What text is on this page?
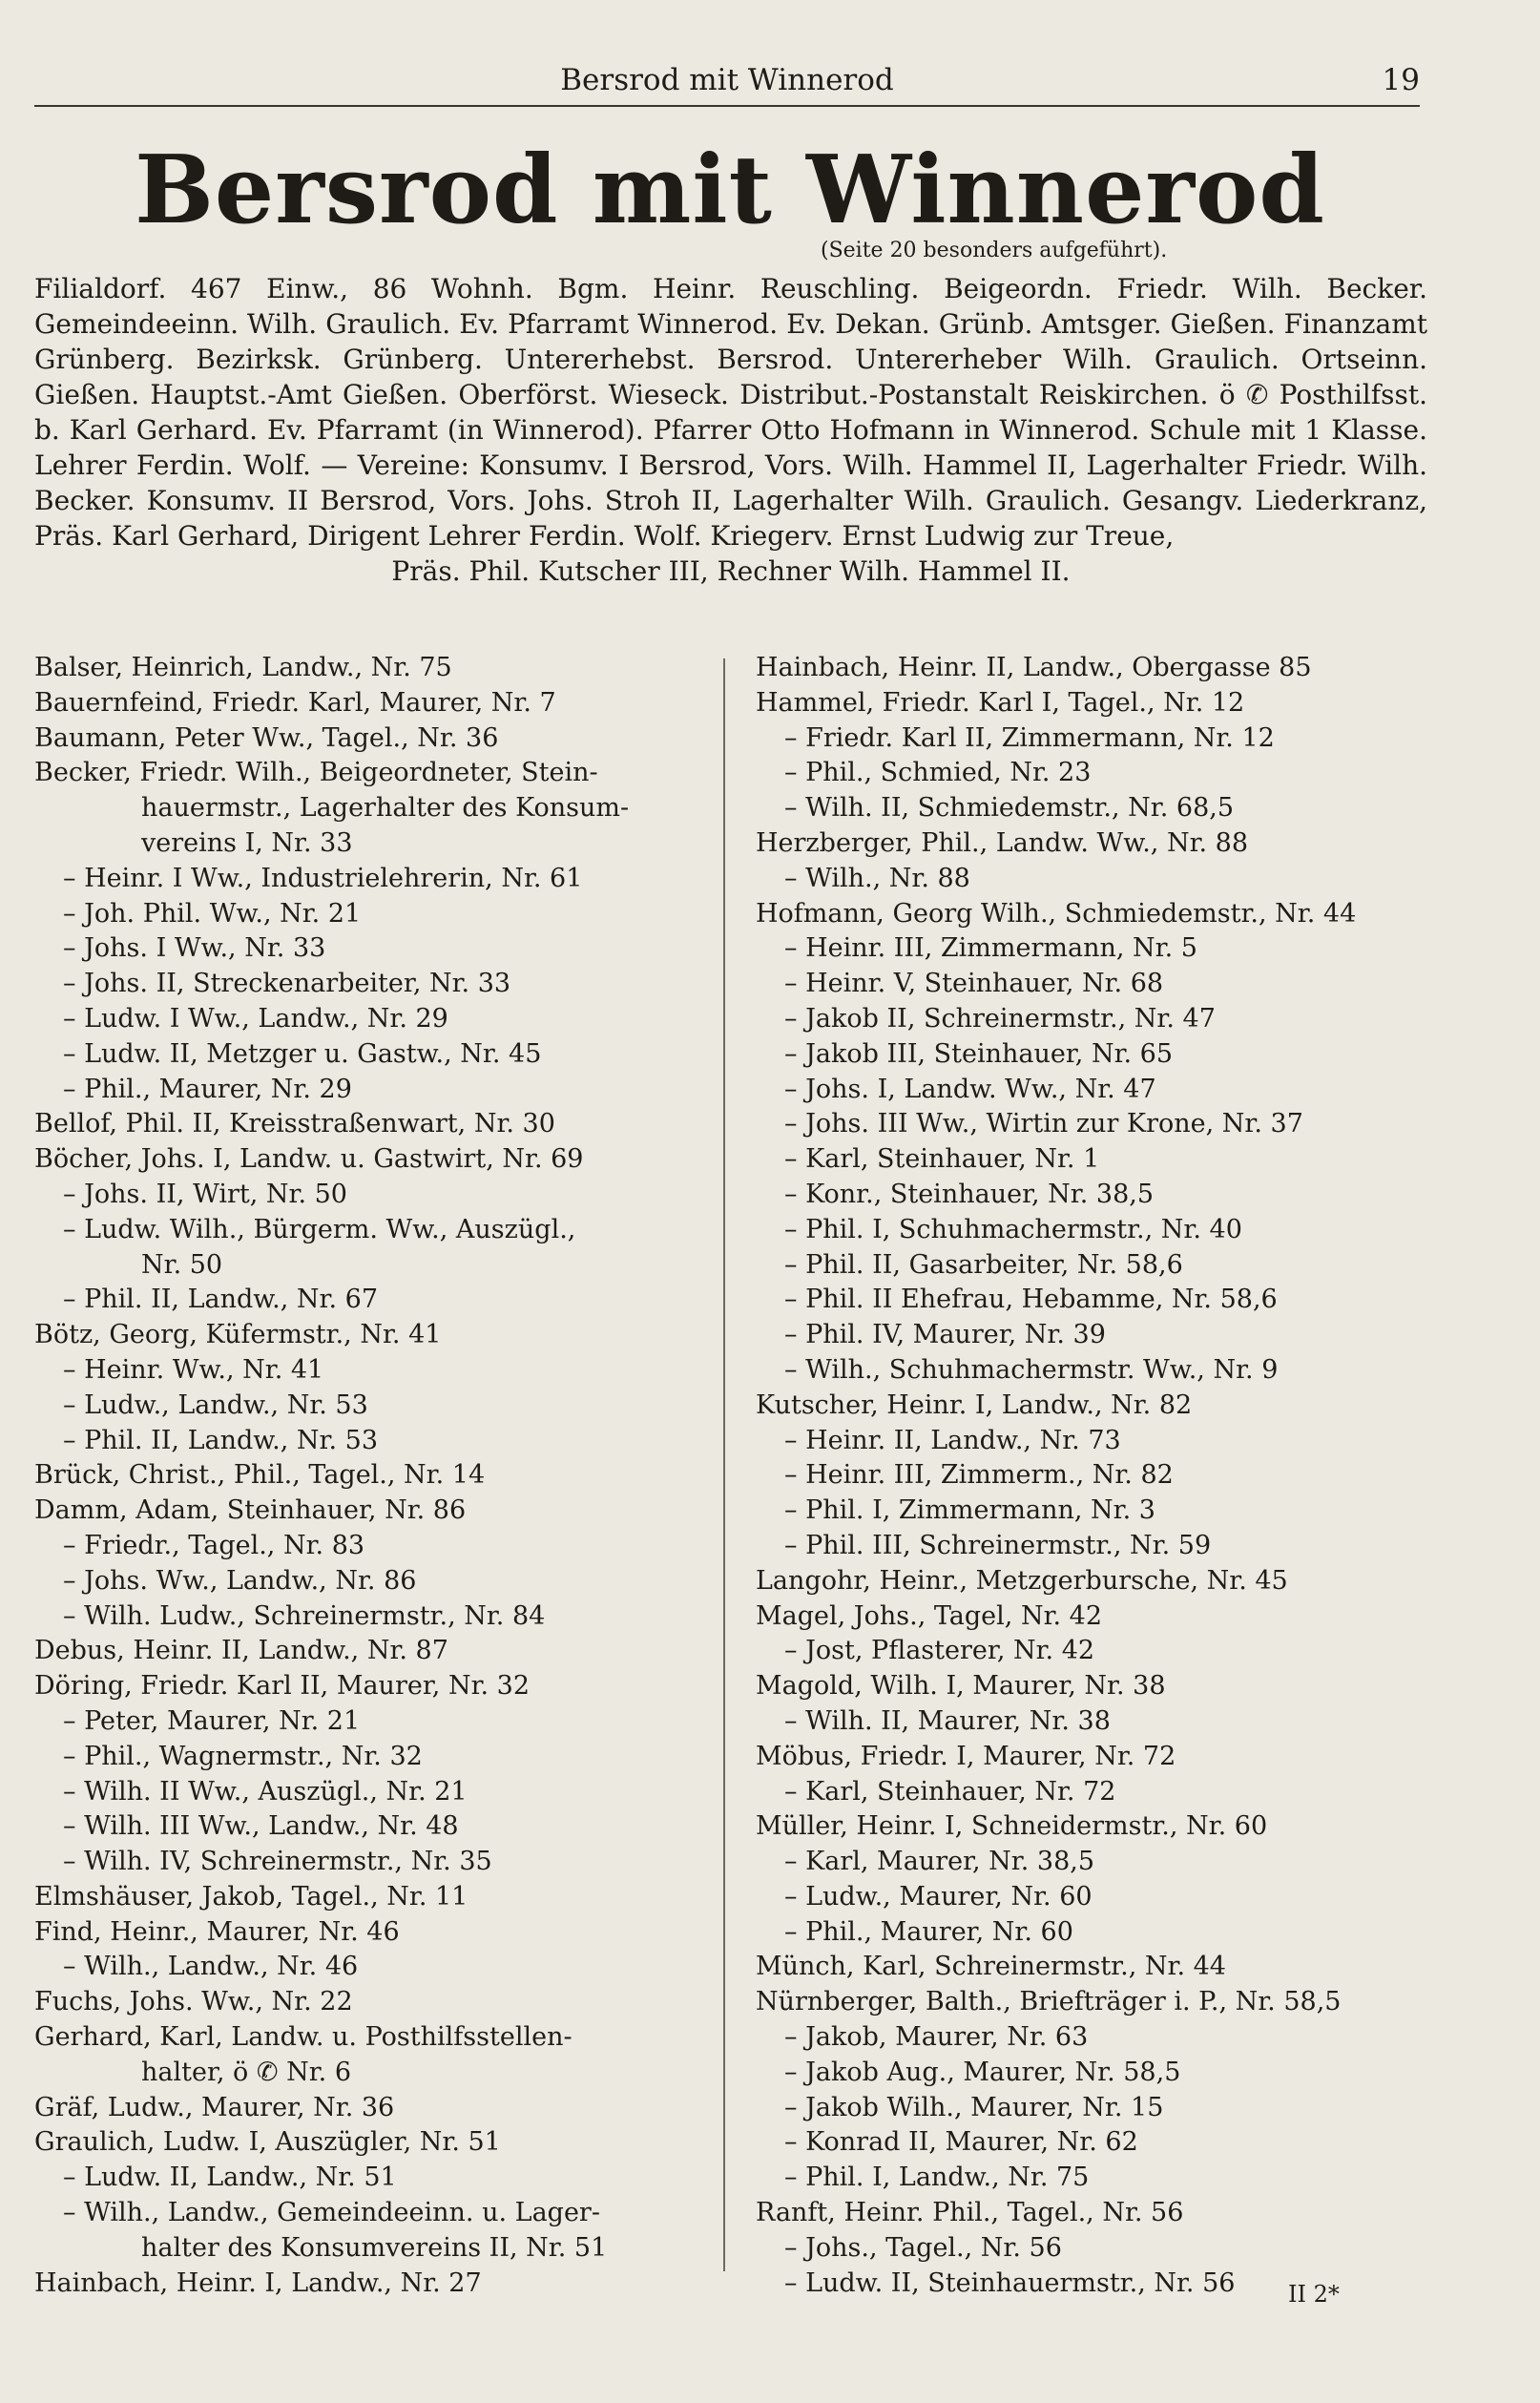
Bersrod mit Winnerod	19
Bersrod mit Winnerod
(Seite 20 besonders aufgeführt).

Filialdorf. 467 Einw., 86 Wohnh. Bgm. Heinr. Reuschling. Beigeordn. Friedr. Wilh. Becker. Gemeindeeinn. Wilh. Graulich. Ev. Pfarramt Winnerod. Ev. Dekan. Grünb. Amtsger. Gießen. Finanzamt Grünberg. Bezirksk. Grünberg. Untererhebst. Bersrod. Untererheber Wilh. Graulich. Ortseinn. Gießen. Hauptst.-Amt Gießen. Oberförst. Wieseck. Distribut.-Postanstalt Reiskirchen. ö ✆ Posthilfsst. b. Karl Gerhard. Ev. Pfarramt (in Winnerod). Pfarrer Otto Hofmann in Winnerod. Schule mit 1 Klasse. Lehrer Ferdin. Wolf. — Vereine: Konsumv. I Bersrod, Vors. Wilh. Hammel II, Lagerhalter Friedr. Wilh. Becker. Konsumv. II Bersrod, Vors. Johs. Stroh II, Lagerhalter Wilh. Graulich. Gesangv. Liederkranz, Präs. Karl Gerhard, Dirigent Lehrer Ferdin. Wolf. Kriegerv. Ernst Ludwig zur Treue,

Präs. Phil. Kutscher III, Rechner Wilh. Hammel II.

Balser, Heinrich, Landw., Nr. 75
Bauernfeind, Friedr. Karl, Maurer, Nr. 7
Baumann, Peter Ww., Tagel., Nr. 36
Becker, Friedr. Wilh., Beigeordneter, Stein-
hauermstr., Lagerhalter des Konsum-
vereins I, Nr. 33
– Heinr. I Ww., Industrielehrerin, Nr. 61
– Joh. Phil. Ww., Nr. 21
– Johs. I Ww., Nr. 33
– Johs. II, Streckenarbeiter, Nr. 33
– Ludw. I Ww., Landw., Nr. 29
– Ludw. II, Metzger u. Gastw., Nr. 45
– Phil., Maurer, Nr. 29
Bellof, Phil. II, Kreisstraßenwart, Nr. 30
Böcher, Johs. I, Landw. u. Gastwirt, Nr. 69
– Johs. II, Wirt, Nr. 50
– Ludw. Wilh., Bürgerm. Ww., Auszügl.,
Nr. 50
– Phil. II, Landw., Nr. 67
Bötz, Georg, Küfermstr., Nr. 41
– Heinr. Ww., Nr. 41
– Ludw., Landw., Nr. 53
– Phil. II, Landw., Nr. 53
Brück, Christ., Phil., Tagel., Nr. 14
Damm, Adam, Steinhauer, Nr. 86
– Friedr., Tagel., Nr. 83
– Johs. Ww., Landw., Nr. 86
– Wilh. Ludw., Schreinermstr., Nr. 84
Debus, Heinr. II, Landw., Nr. 87
Döring, Friedr. Karl II, Maurer, Nr. 32
– Peter, Maurer, Nr. 21
– Phil., Wagnermstr., Nr. 32
– Wilh. II Ww., Auszügl., Nr. 21
– Wilh. III Ww., Landw., Nr. 48
– Wilh. IV, Schreinermstr., Nr. 35
Elmshäuser, Jakob, Tagel., Nr. 11
Find, Heinr., Maurer, Nr. 46
– Wilh., Landw., Nr. 46
Fuchs, Johs. Ww., Nr. 22
Gerhard, Karl, Landw. u. Posthilfsstellen-
halter, ö ✆ Nr. 6
Gräf, Ludw., Maurer, Nr. 36
Graulich, Ludw. I, Auszügler, Nr. 51
– Ludw. II, Landw., Nr. 51
– Wilh., Landw., Gemeindeeinn. u. Lager-
halter des Konsumvereins II, Nr. 51
Hainbach, Heinr. I, Landw., Nr. 27
Hainbach, Heinr. II, Landw., Obergasse 85
Hammel, Friedr. Karl I, Tagel., Nr. 12
– Friedr. Karl II, Zimmermann, Nr. 12
– Phil., Schmied, Nr. 23
– Wilh. II, Schmiedemstr., Nr. 68,5
Herzberger, Phil., Landw. Ww., Nr. 88
– Wilh., Nr. 88
Hofmann, Georg Wilh., Schmiedemstr., Nr. 44
– Heinr. III, Zimmermann, Nr. 5
– Heinr. V, Steinhauer, Nr. 68
– Jakob II, Schreinermstr., Nr. 47
– Jakob III, Steinhauer, Nr. 65
– Johs. I, Landw. Ww., Nr. 47
– Johs. III Ww., Wirtin zur Krone, Nr. 37
– Karl, Steinhauer, Nr. 1
– Konr., Steinhauer, Nr. 38,5
– Phil. I, Schuhmachermstr., Nr. 40
– Phil. II, Gasarbeiter, Nr. 58,6
– Phil. II Ehefrau, Hebamme, Nr. 58,6
– Phil. IV, Maurer, Nr. 39
– Wilh., Schuhmachermstr. Ww., Nr. 9
Kutscher, Heinr. I, Landw., Nr. 82
– Heinr. II, Landw., Nr. 73
– Heinr. III, Zimmerm., Nr. 82
– Phil. I, Zimmermann, Nr. 3
– Phil. III, Schreinermstr., Nr. 59
Langohr, Heinr., Metzgerbursche, Nr. 45
Magel, Johs., Tagel, Nr. 42
– Jost, Pflasterer, Nr. 42
Magold, Wilh. I, Maurer, Nr. 38
– Wilh. II, Maurer, Nr. 38
Möbus, Friedr. I, Maurer, Nr. 72
– Karl, Steinhauer, Nr. 72
Müller, Heinr. I, Schneidermstr., Nr. 60
– Karl, Maurer, Nr. 38,5
– Ludw., Maurer, Nr. 60
– Phil., Maurer, Nr. 60
Münch, Karl, Schreinermstr., Nr. 44
Nürnberger, Balth., Briefträger i. P., Nr. 58,5
– Jakob, Maurer, Nr. 63
– Jakob Aug., Maurer, Nr. 58,5
– Jakob Wilh., Maurer, Nr. 15
– Konrad II, Maurer, Nr. 62
– Phil. I, Landw., Nr. 75
Ranft, Heinr. Phil., Tagel., Nr. 56
– Johs., Tagel., Nr. 56
– Ludw. II, Steinhauermstr., Nr. 56	II 2*
